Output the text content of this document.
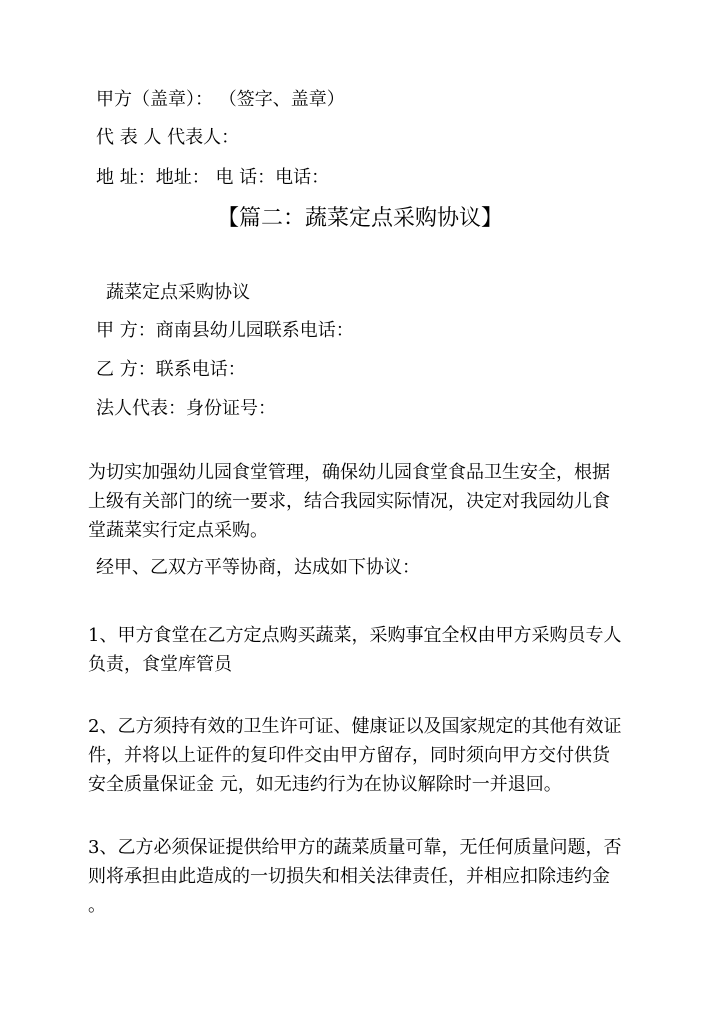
甲方（盖章）： （签字、盖章）
代 表 人 代表人：
地 址：地址： 电 话：电话：
【篇二：蔬菜定点采购协议】
蔬菜定点采购协议
甲 方：商南县幼儿园联系电话：
乙 方：联系电话：
法人代表：身份证号：
为切实加强幼儿园食堂管理，确保幼儿园食堂食品卫生安全，根据
上级有关部门的统一要求，结合我园实际情况，决定对我园幼儿食
堂蔬菜实行定点采购。
经甲、乙双方平等协商，达成如下协议：
1、甲方食堂在乙方定点购买蔬菜，采购事宜全权由甲方采购员专人
负责，食堂库管员
2、乙方须持有效的卫生许可证、健康证以及国家规定的其他有效证
件，并将以上证件的复印件交由甲方留存，同时须向甲方交付供货
安全质量保证金 元，如无违约行为在协议解除时一并退回。
3、乙方必须保证提供给甲方的蔬菜质量可靠，无任何质量问题，否
则将承担由此造成的一切损失和相关法律责任，并相应扣除违约金
。
